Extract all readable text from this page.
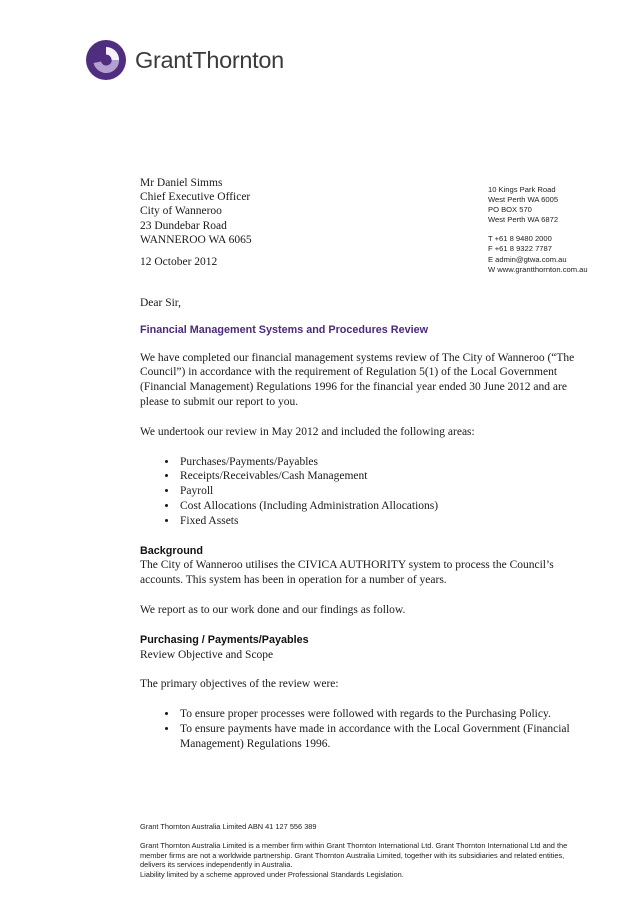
GrantThornton
Mr Daniel Simms
Chief Executive Officer
City of Wanneroo
23 Dundebar Road
WANNEROO WA 6065
12 October 2012
10 Kings Park Road
West Perth WA 6005
PO BOX 570
West Perth WA 6872
T +61 8 9480 2000
F +61 8 9322 7787
E admin@gtwa.com.au
W www.grantthornton.com.au

Dear Sir,

Financial Management Systems and Procedures Review

We have completed our financial management systems review of The City of Wanneroo (“The Council”) in accordance with the requirement of Regulation 5(1) of the Local Government (Financial Management) Regulations 1996 for the financial year ended 30 June 2012 and are please to submit our report to you.

We undertook our review in May 2012 and included the following areas:

• Purchases/Payments/Payables
• Receipts/Receivables/Cash Management
• Payroll
• Cost Allocations (Including Administration Allocations)
• Fixed Assets

Background

The City of Wanneroo utilises the CIVICA AUTHORITY system to process the Council’s accounts. This system has been in operation for a number of years.

We report as to our work done and our findings as follow.

Purchasing / Payments/Payables

Review Objective and Scope

The primary objectives of the review were:

• To ensure proper processes were followed with regards to the Purchasing Policy.
• To ensure payments have made in accordance with the Local Government (Financial Management) Regulations 1996.
Grant Thornton Australia Limited ABN 41 127 556 389
Grant Thornton Australia Limited is a member firm within Grant Thornton International Ltd. Grant Thornton International Ltd and the member firms are not a worldwide partnership. Grant Thornton Australia Limited, together with its subsidiaries and related entities, delivers its services independently in Australia.
Liability limited by a scheme approved under Professional Standards Legislation.
